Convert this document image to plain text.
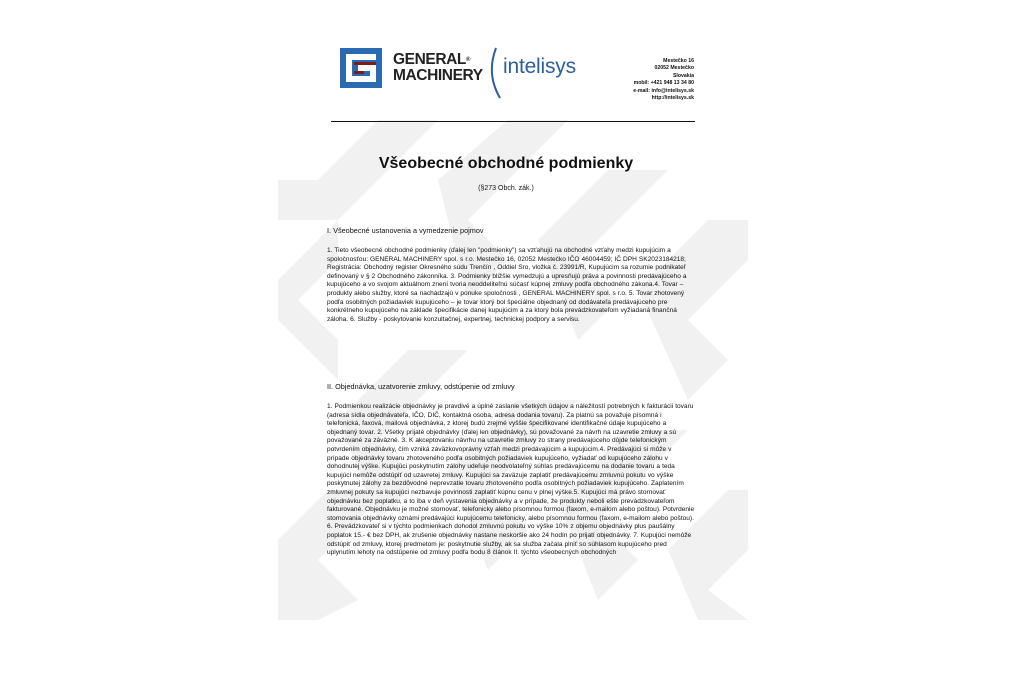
GENERAL®
MACHINERY intelisys	Mestečko 16
02052 Mestečko
Slovakia
mobil: +421 948 13 34 80
e-mail: info@intelisys.sk
http://intelisys.sk
Všeobecné obchodné podmienky
(§273 Obch. zák.)
I. Všeobecné ustanovenia a vymedzenie pojmov
1. Tieto všeobecné obchodné podmienky (ďalej len "podmienky") sa vzťahujú na obchodné vzťahy medzi kupujúcim a spoločnosťou: GENERAL MACHINERY spol. s r.o. Mestečko 16, 02052 Mestečko IČO 46004459; IČ DPH SK2023184218; Registrácia: Obchodný register Okresného súdu Trenčín , Oddiel Sro, vložka č. 23991/R, Kupujúcim sa rozumie podnikateľ definovaný v § 2 Obchodného zákonníka. 3. Podmienky bližšie vymedzujú a upresňujú práva a povinnosti predávajúceho a kupujúceho a vo svojom aktuálnom znení tvoria neoddeliteľnú súčasť kúpnej zmluvy podľa obchodného zákona.4. Tovar – produkty alebo služby, ktoré sa nachádzajú v ponuke spoločnosti , GENERAL MACHINERY spol. s r.o. 5. Tovar zhotovený podľa osobitných požiadaviek kupujúceho – je tovar ktorý bol špeciálne objednaný od dodávateľa predávajúceho pre konkrétneho kupujúceho na základe špecifikácie danej kupujúcim a za ktorý bola prevádzkovateľom vyžiadaná finančná záloha. 6. Služby - poskytovanie konzultačnej, expertnej, technickej podpory a servisu.
II. Objednávka, uzatvorenie zmluvy, odstúpenie od zmluvy
1. Podmienkou realizácie objednávky je pravdivé a úplné zaslanie všetkých údajov a náležitostí potrebných k fakturácii tovaru (adresa sídla objednávateľa, IČO, DIČ, kontaktná osoba, adresa dodania tovaru). Za platnú sa považuje písomná i telefonická, faxová, mailová objednávka, z ktorej budú zrejmé vyššie špecifikované identifikačné údaje kupujúceho a objednaný tovar. 2. Všetky prijaté objednávky (ďalej len objednávky), sú považované za návrh na uzavretie zmluvy a sú považované za záväzné. 3. K akceptovaniu návrhu na uzavretie zmluvy zo strany predávajúceho dôjde telefonickým potvrdením objednávky, čím vzniká záväzkovoprávny vzťah medzi predávajúcim a kupujúcim.4. Predávajúci si môže v prípade objednávky tovaru zhotoveného podľa osobitných požiadaviek kupujúceho, vyžiadať od kupujúceho zálohu v dohodnutej výške. Kupujúci poskytnutím zálohy udeľuje neodvolateľný súhlas predávajúcemu na dodanie tovaru a teda kupujúci nemôže odstúpiť od uzavretej zmluvy. Kupujúci sa zaväzuje zaplatiť predávajúcemu zmluvnú pokutu vo výške poskytnutej zálohy za bezdôvodné neprevzatie tovaru zhotoveného podľa osobitných požiadaviek kupujúceho. Zaplatením zmluvnej pokuty sa kupujúci nezbavuje povinnosti zaplatiť kúpnu cenu v plnej výške.5. Kupujúci má právo stornovať objednávku bez poplatku, a to iba v deň vystavenia objednávky a v prípade, že produkty neboli ešte prevádzkovateľom fakturované. Objednávku je možné stornovať, telefonicky alebo písomnou formou (faxom, e-mailom alebo poštou). Potvrdenie stornovania objednávky oznámi predávajúci kupujúcemu telefonicky, alebo písomnou formou (faxom, e-mailom alebo poštou). 6. Prevádzkovateľ si v týchto podmienkach dohodol zmluvnú pokutu vo výške 10% z objemu objednávky plus paušálny poplatok 15.- € bez DPH, ak zrušenie objednávky nastane neskoršie ako 24 hodín po prijatí objednávky. 7. Kupujúci nemôže odstúpiť od zmluvy, ktorej predmetom je: poskytnutie služby, ak sa služba začala plniť so súhlasom kupujúceho pred uplynutím lehoty na odstúpenie od zmluvy podľa bodu 8 článok II. týchto všeobecných obchodných
